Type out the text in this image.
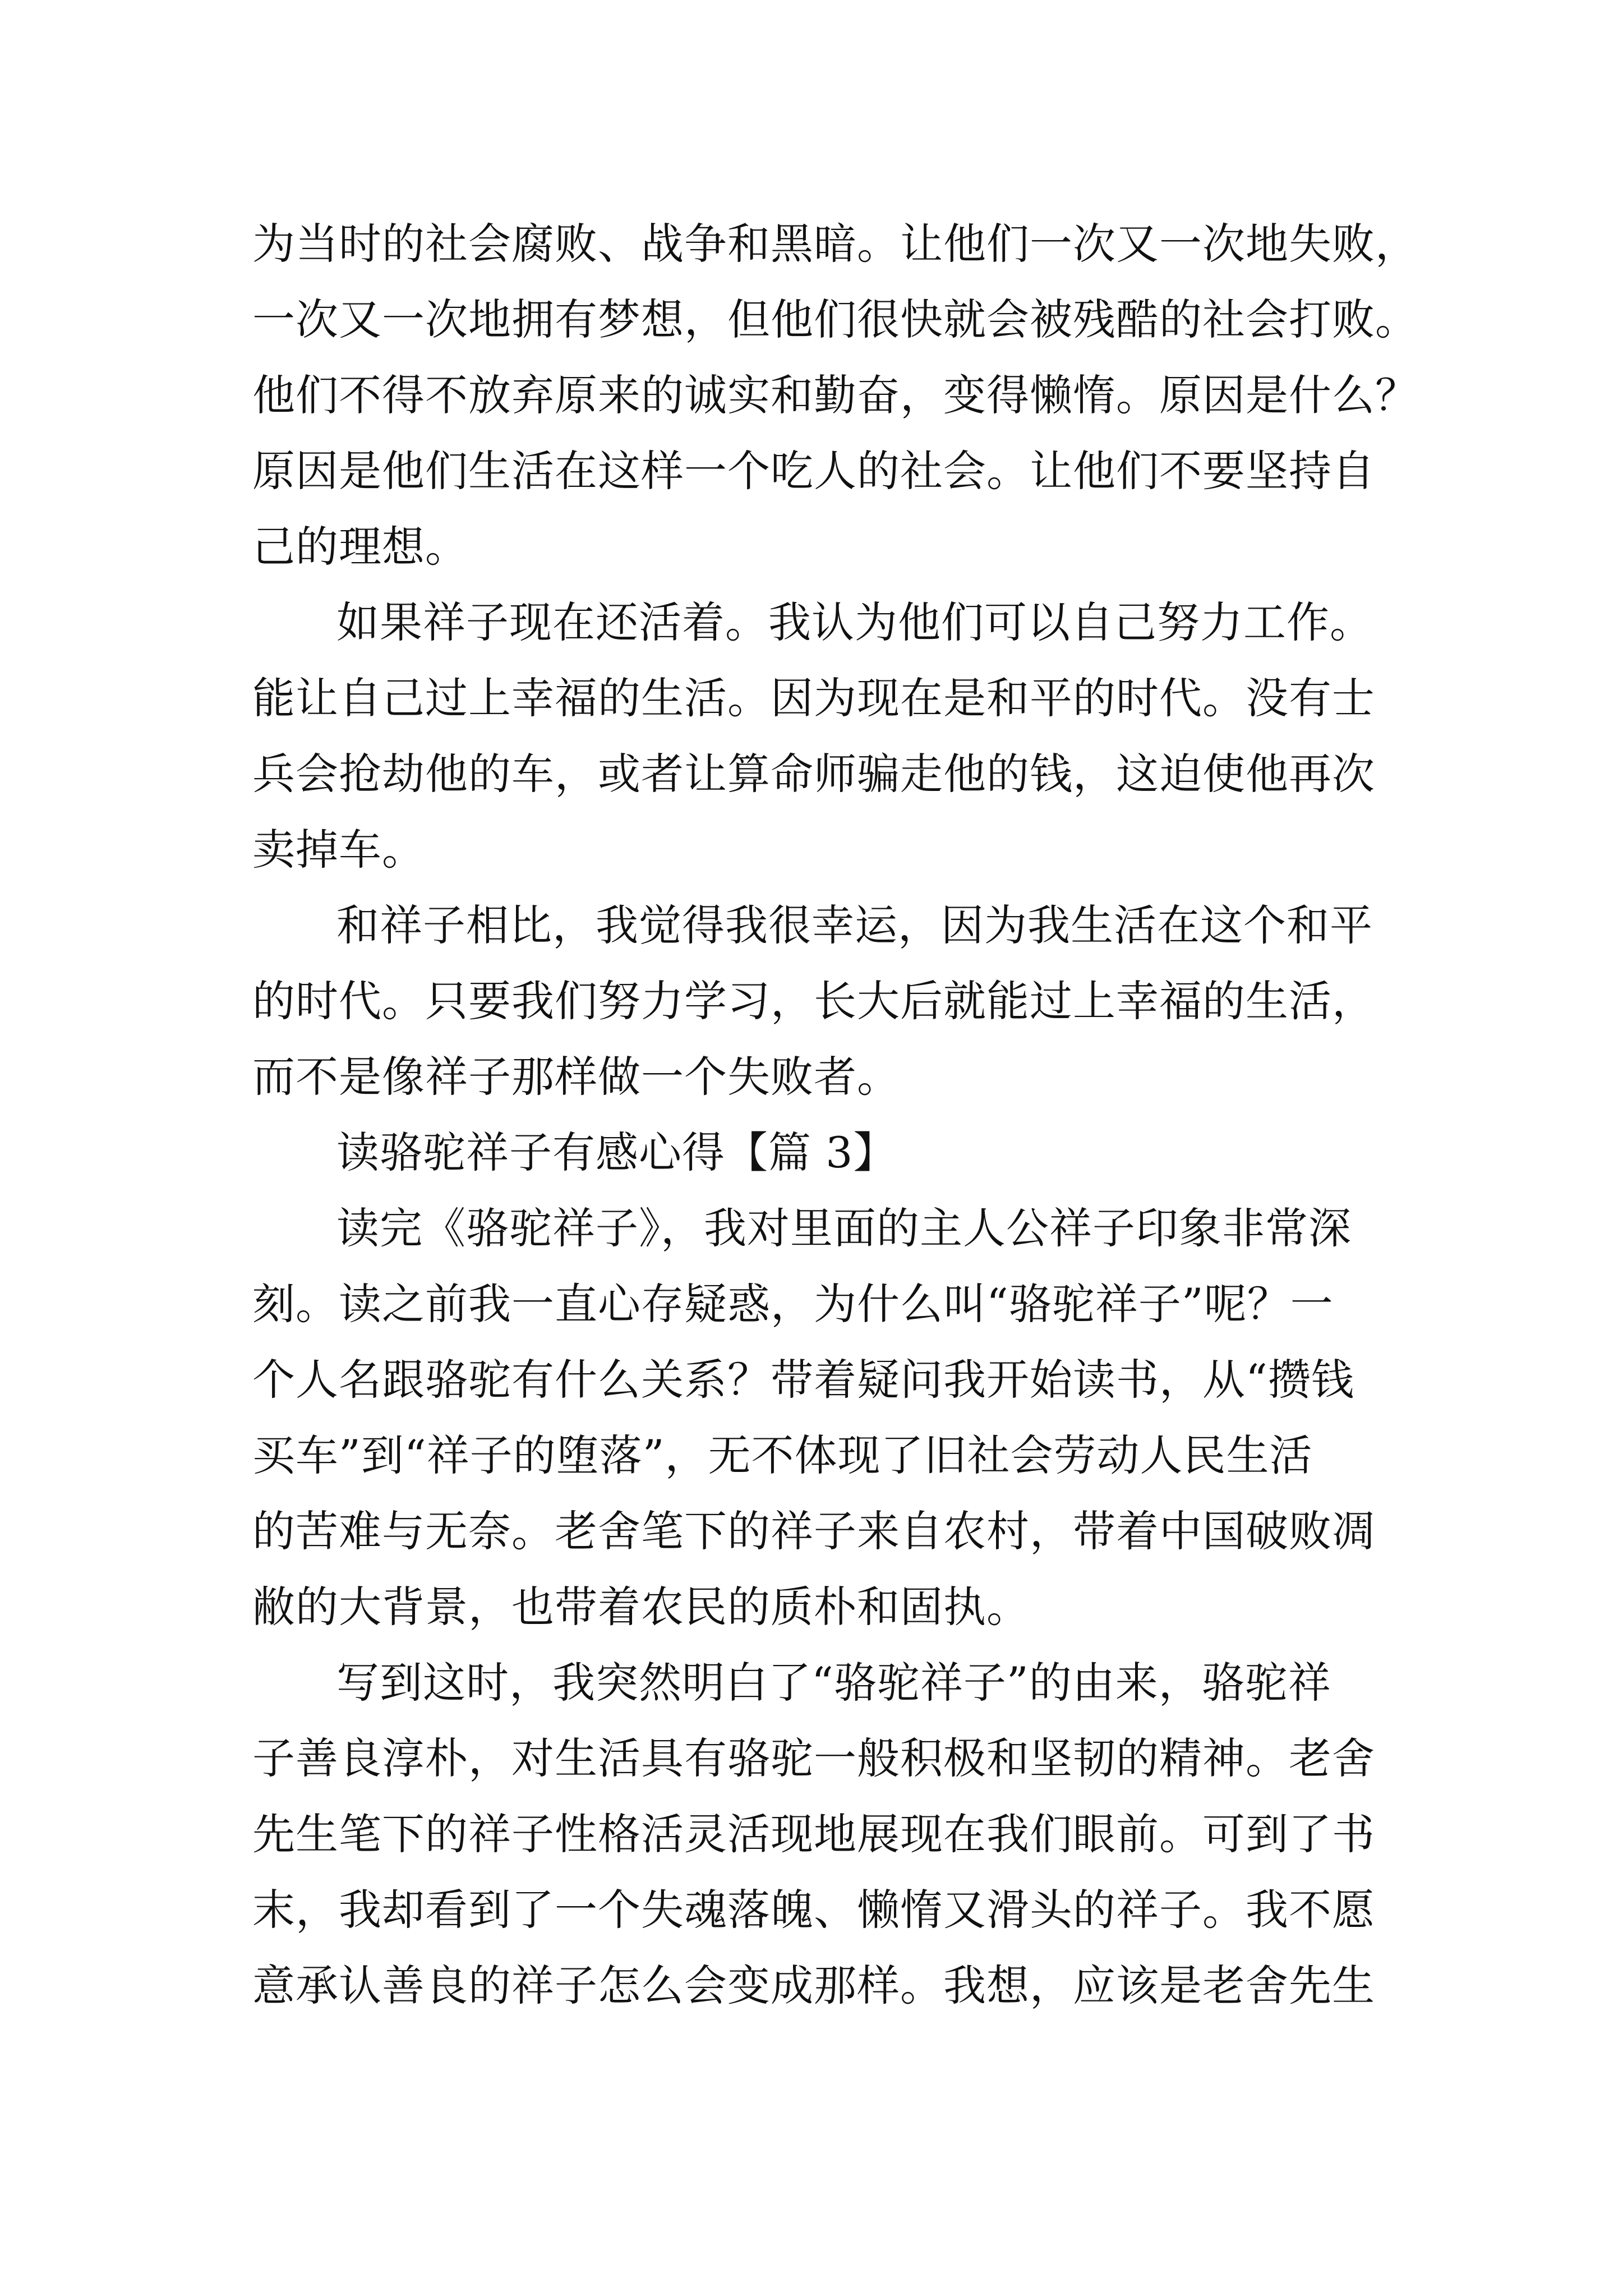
为当时的社会腐败、战争和黑暗。让他们一次又一次地失败，
一次又一次地拥有梦想，但他们很快就会被残酷的社会打败。
他们不得不放弃原来的诚实和勤奋，变得懒惰。原因是什么？
原因是他们生活在这样一个吃人的社会。让他们不要坚持自
己的理想。
如果祥子现在还活着。我认为他们可以自己努力工作。
能让自己过上幸福的生活。因为现在是和平的时代。没有士
兵会抢劫他的车，或者让算命师骗走他的钱，这迫使他再次
卖掉车。
和祥子相比，我觉得我很幸运，因为我生活在这个和平
的时代。只要我们努力学习，长大后就能过上幸福的生活，
而不是像祥子那样做一个失败者。
读骆驼祥子有感心得【篇 3】
读完《骆驼祥子》，我对里面的主人公祥子印象非常深
刻。读之前我一直心存疑惑，为什么叫“骆驼祥子”呢？一
个人名跟骆驼有什么关系？带着疑问我开始读书，从“攒钱
买车”到“祥子的堕落”，无不体现了旧社会劳动人民生活
的苦难与无奈。老舍笔下的祥子来自农村，带着中国破败凋
敝的大背景，也带着农民的质朴和固执。
写到这时，我突然明白了“骆驼祥子”的由来，骆驼祥
子善良淳朴，对生活具有骆驼一般积极和坚韧的精神。老舍
先生笔下的祥子性格活灵活现地展现在我们眼前。可到了书
末，我却看到了一个失魂落魄、懒惰又滑头的祥子。我不愿
意承认善良的祥子怎么会变成那样。我想，应该是老舍先生
